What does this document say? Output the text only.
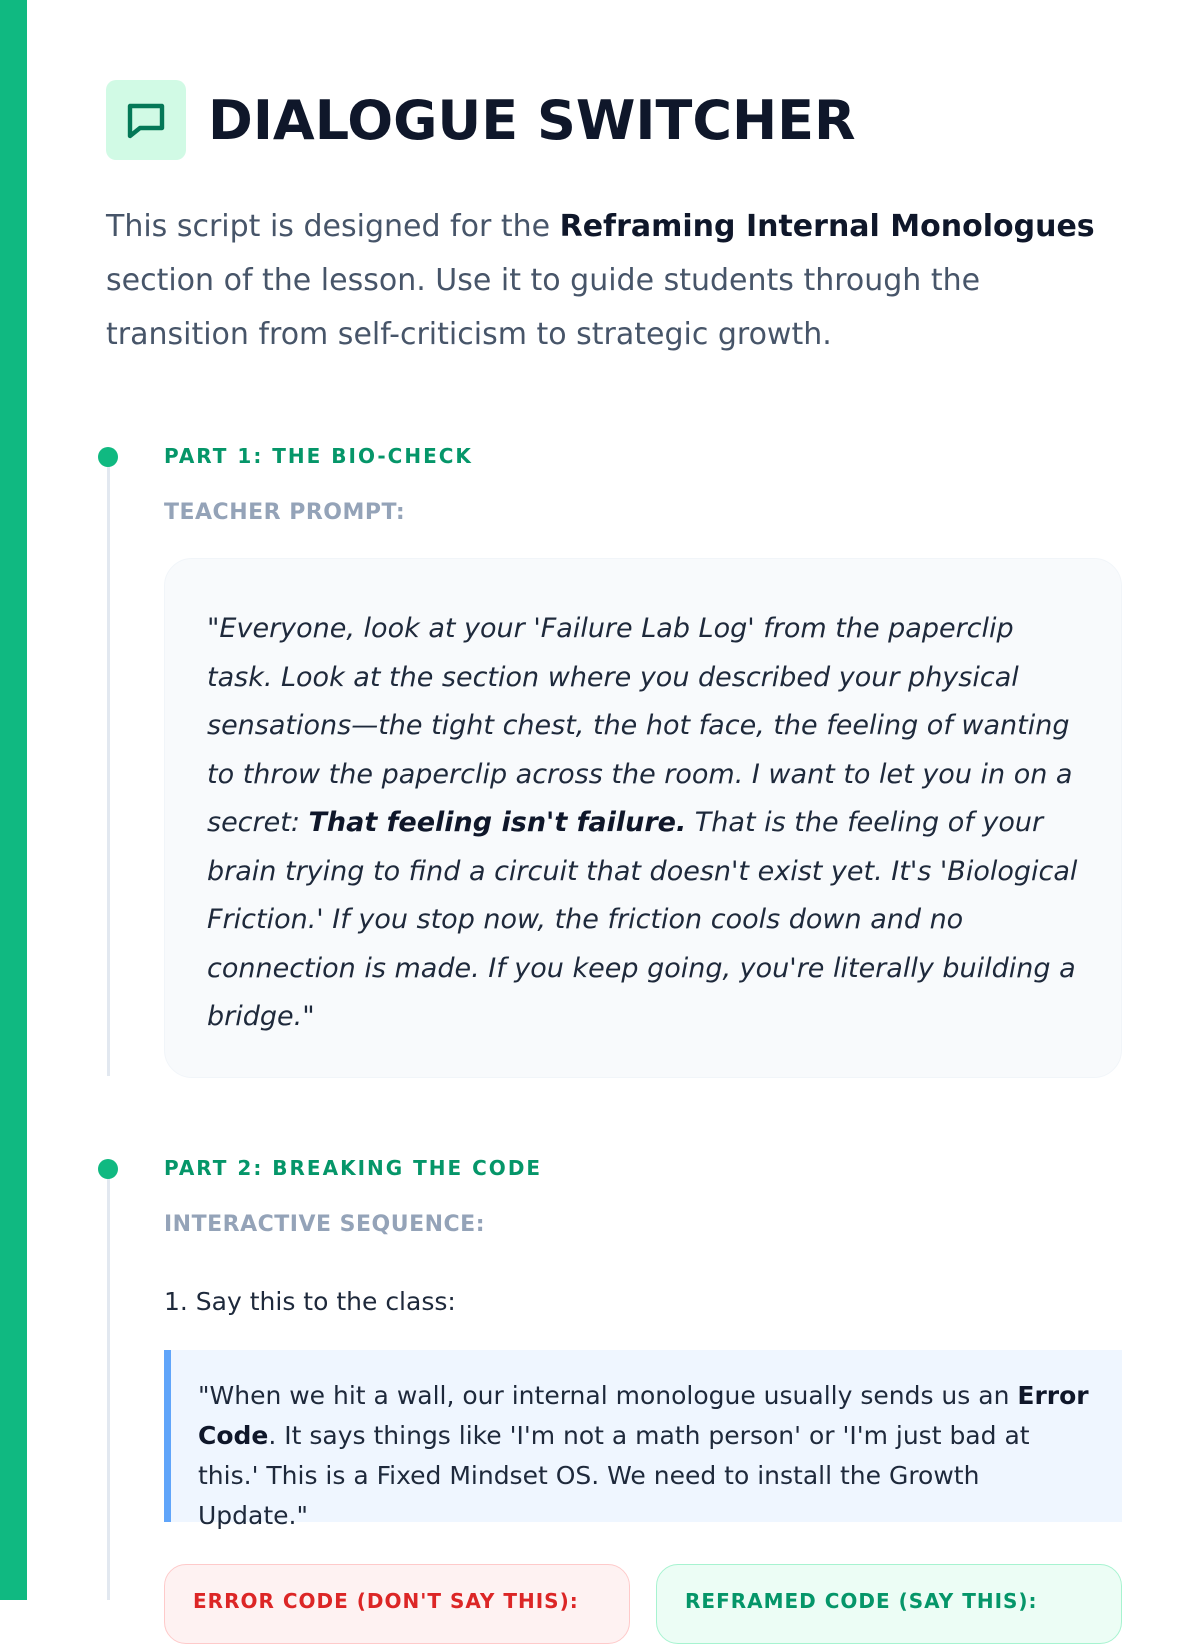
DIALOGUE SWITCHER

This script is designed for the Reframing Internal Monologues section of the lesson. Use it to guide students through the transition from self-criticism to strategic growth.

PART 1: THE BIO-CHECK
TEACHER PROMPT:

"Everyone, look at your 'Failure Lab Log' from the paperclip task. Look at the section where you described your physical sensations—the tight chest, the hot face, the feeling of wanting to throw the paperclip across the room. I want to let you in on a secret: That feeling isn't failure. That is the feeling of your brain trying to find a circuit that doesn't exist yet. It's 'Biological Friction.' If you stop now, the friction cools down and no connection is made. If you keep going, you're literally building a bridge."

PART 2: BREAKING THE CODE
INTERACTIVE SEQUENCE:
1. Say this to the class:

"When we hit a wall, our internal monologue usually sends us an Error Code. It says things like 'I'm not a math person' or 'I'm just bad at this.' This is a Fixed Mindset OS. We need to install the Growth Update."

ERROR CODE (DON'T SAY THIS):	REFRAMED CODE (SAY THIS):
